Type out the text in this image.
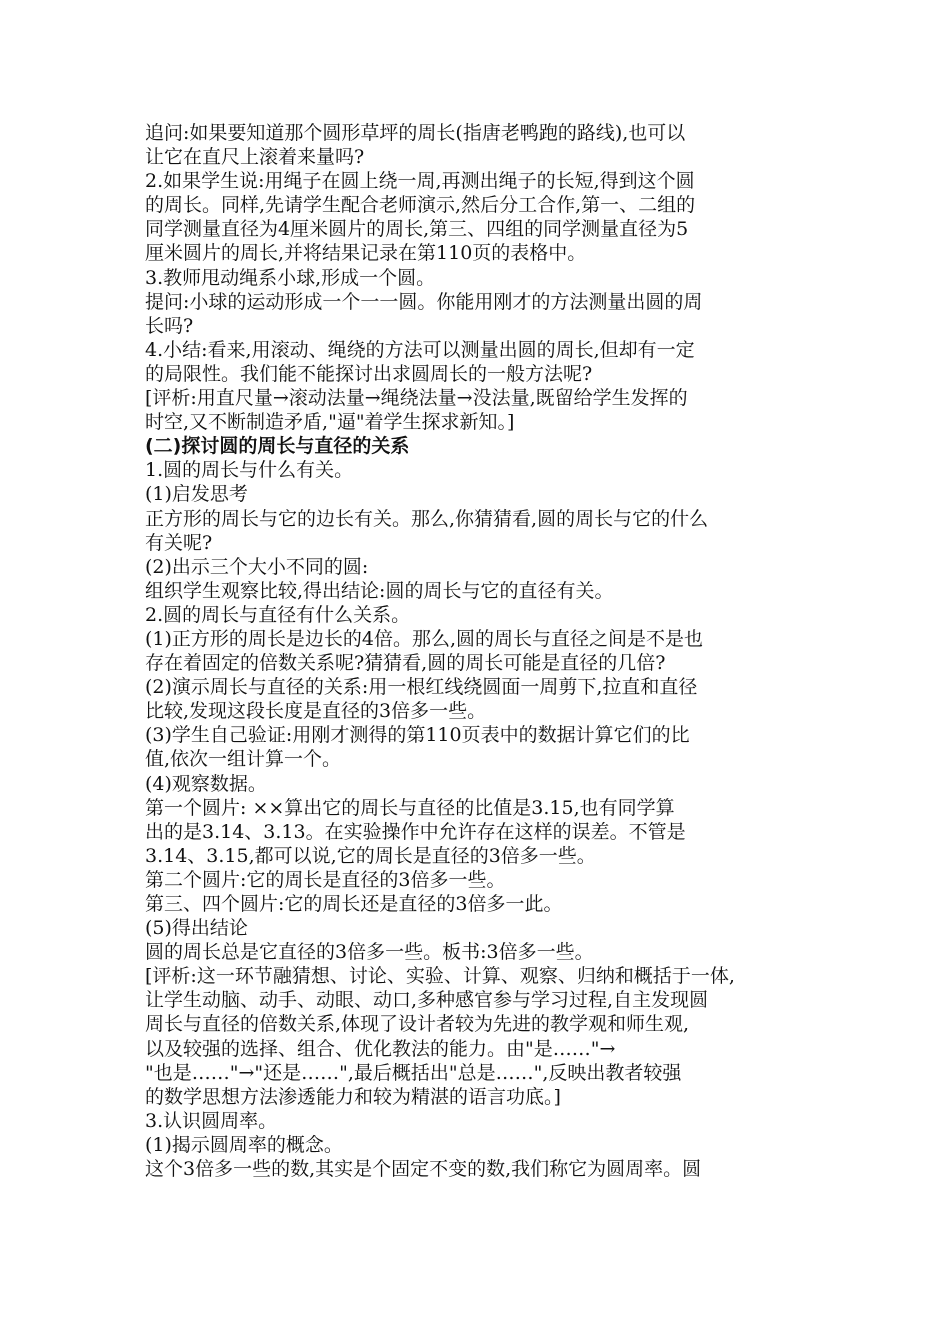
追问:如果要知道那个圆形草坪的周长(指唐老鸭跑的路线),也可以
让它在直尺上滚着来量吗?
2.如果学生说:用绳子在圆上绕一周,再测出绳子的长短,得到这个圆
的周长。同样,先请学生配合老师演示,然后分工合作,第一、二组的
同学测量直径为4厘米圆片的周长,第三、四组的同学测量直径为5
厘米圆片的周长,并将结果记录在第110页的表格中。
3.教师甩动绳系小球,形成一个圆。
提问:小球的运动形成一个一一圆。你能用刚才的方法测量出圆的周
长吗?
4.小结:看来,用滚动、绳绕的方法可以测量出圆的周长,但却有一定
的局限性。我们能不能探讨出求圆周长的一般方法呢?
[评析:用直尺量→滚动法量→绳绕法量→没法量,既留给学生发挥的
时空,又不断制造矛盾,"逼"着学生探求新知。]
(二)探讨圆的周长与直径的关系
1.圆的周长与什么有关。
(1)启发思考
正方形的周长与它的边长有关。那么,你猜猜看,圆的周长与它的什么
有关呢?
(2)出示三个大小不同的圆:
组织学生观察比较,得出结论:圆的周长与它的直径有关。
2.圆的周长与直径有什么关系。
(1)正方形的周长是边长的4倍。那么,圆的周长与直径之间是不是也
存在着固定的倍数关系呢?猜猜看,圆的周长可能是直径的几倍?
(2)演示周长与直径的关系:用一根红线绕圆面一周剪下,拉直和直径
比较,发现这段长度是直径的3倍多一些。
(3)学生自己验证:用刚才测得的第110页表中的数据计算它们的比
值,依次一组计算一个。
(4)观察数据。
第一个圆片: ××算出它的周长与直径的比值是3.15,也有同学算
出的是3.14、3.13。在实验操作中允许存在这样的误差。不管是
3.14、3.15,都可以说,它的周长是直径的3倍多一些。
第二个圆片:它的周长是直径的3倍多一些。
第三、四个圆片:它的周长还是直径的3倍多一此。
(5)得出结论
圆的周长总是它直径的3倍多一些。板书:3倍多一些。
[评析:这一环节融猜想、讨论、实验、计算、观察、归纳和概括于一体,
让学生动脑、动手、动眼、动口,多种感官参与学习过程,自主发现圆
周长与直径的倍数关系,体现了设计者较为先进的教学观和师生观,
以及较强的选择、组合、优化教法的能力。由"是……"→
"也是……"→"还是……",最后概括出"总是……",反映出教者较强
的数学思想方法渗透能力和较为精湛的语言功底。]
3.认识圆周率。
(1)揭示圆周率的概念。
这个3倍多一些的数,其实是个固定不变的数,我们称它为圆周率。圆
